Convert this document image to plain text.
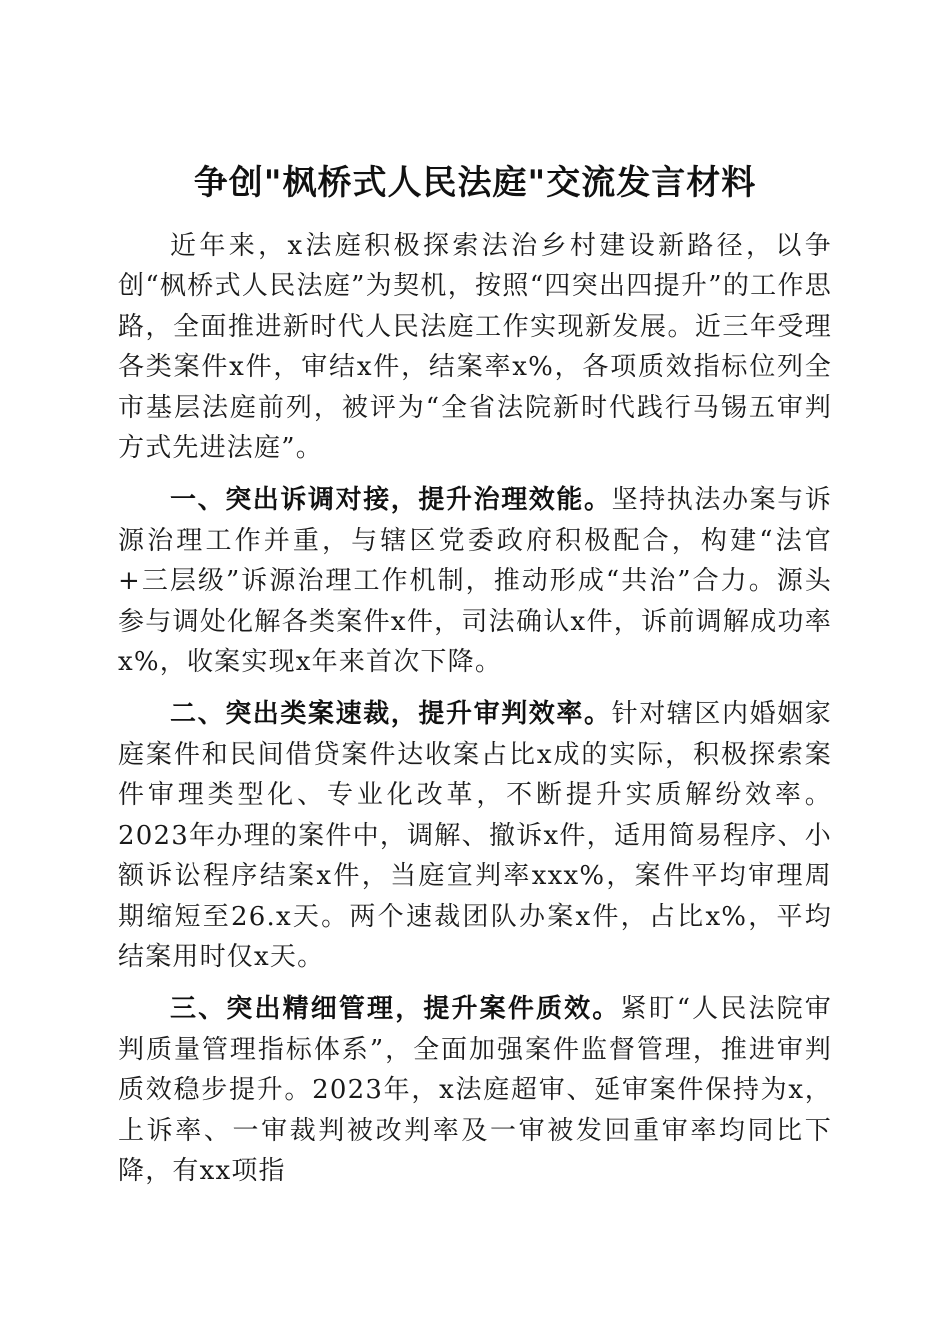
争创"枫桥式人民法庭"交流发言材料

近年来，x法庭积极探索法治乡村建设新路径，以争创“枫桥式人民法庭”为契机，按照“四突出四提升”的工作思路，全面推进新时代人民法庭工作实现新发展。近三年受理各类案件x件，审结x件，结案率x%，各项质效指标位列全市基层法庭前列，被评为“全省法院新时代践行马锡五审判方式先进法庭”。

一、突出诉调对接，提升治理效能。坚持执法办案与诉源治理工作并重，与辖区党委政府积极配合，构建“法官+三层级”诉源治理工作机制，推动形成“共治”合力。源头参与调处化解各类案件x件，司法确认x件，诉前调解成功率x%，收案实现x年来首次下降。

二、突出类案速裁，提升审判效率。针对辖区内婚姻家庭案件和民间借贷案件达收案占比x成的实际，积极探索案件审理类型化、专业化改革，不断提升实质解纷效率。2023年办理的案件中，调解、撤诉x件，适用简易程序、小额诉讼程序结案x件，当庭宣判率xxx%，案件平均审理周期缩短至26.x天。两个速裁团队办案x件，占比x%，平均结案用时仅x天。

三、突出精细管理，提升案件质效。紧盯“人民法院审判质量管理指标体系”，全面加强案件监督管理，推进审判质效稳步提升。2023年，x法庭超审、延审案件保持为x，上诉率、一审裁判被改判率及一审被发回重审率均同比下降，有xx项指
